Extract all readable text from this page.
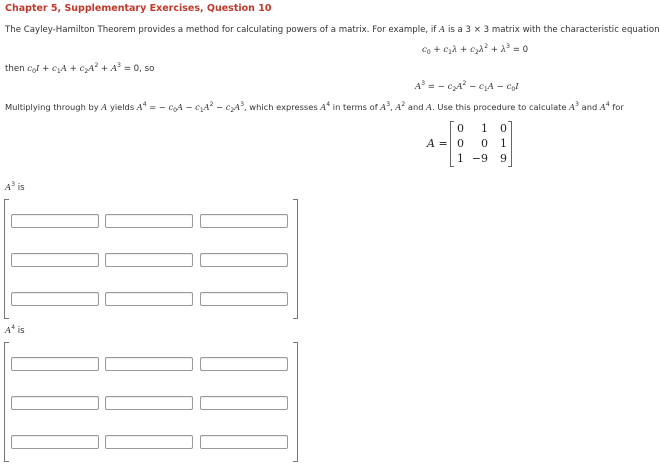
Chapter 5, Supplementary Exercises, Question 10
The Cayley-Hamilton Theorem provides a method for calculating powers of a matrix. For example, if A is a 3 × 3 matrix with the characteristic equation
$c_0 + c_1\lambda + c_2\lambda^2 + \lambda^3 = 0$
then $c_0I + c_1A + c_2A^2 + A^3 = 0$, so
$A^3$ = − $c_2A^2 - c_1A - c_0I$
Multiplying through by A yields $A^4$ = − $c_0A - c_1A^2 - c_2A^3$, which expresses $A^4$ in terms of $A^3$, $A^2$ and A. Use this procedure to calculate $A^3$ and $A^4$ for
A =
0	1	0
0	0	1
1 −9	9
$A^3$ is
$A^4$ is
